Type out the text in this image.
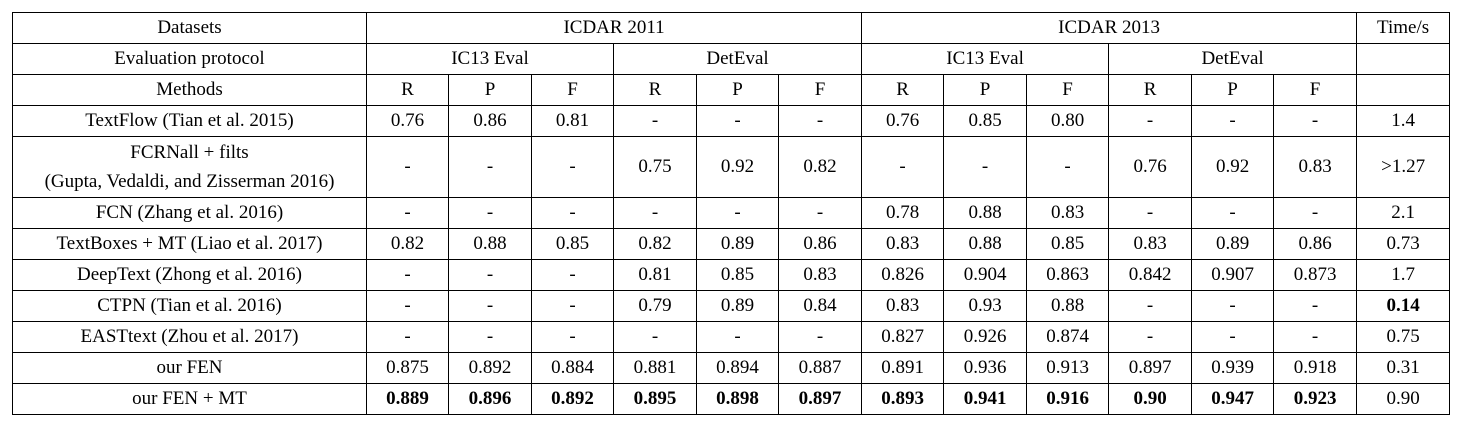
Datasets	ICDAR 2011						ICDAR 2013						Time/s
Evaluation protocol	IC13 Eval			DetEval			IC13 Eval			DetEval			
Methods	R	P	F	R	P	F	R	P	F	R	P	F	
TextFlow (Tian et al. 2015)	0.76	0.86	0.81	-	-	-	0.76	0.85	0.80	-	-	-	1.4
FCRNall + filts
(Gupta, Vedaldi, and Zisserman 2016)	-	-	-	0.75	0.92	0.82	-	-	-	0.76	0.92	0.83	>1.27
FCN (Zhang et al. 2016)	-	-	-	-	-	-	0.78	0.88	0.83	-	-	-	2.1
TextBoxes + MT (Liao et al. 2017)	0.82	0.88	0.85	0.82	0.89	0.86	0.83	0.88	0.85	0.83	0.89	0.86	0.73
DeepText (Zhong et al. 2016)	-	-	-	0.81	0.85	0.83	0.826	0.904	0.863	0.842	0.907	0.873	1.7
CTPN (Tian et al. 2016)	-	-	-	0.79	0.89	0.84	0.83	0.93	0.88	-	-	-	0.14
EASTtext (Zhou et al. 2017)	-	-	-	-	-	-	0.827	0.926	0.874	-	-	-	0.75
our FEN	0.875	0.892	0.884	0.881	0.894	0.887	0.891	0.936	0.913	0.897	0.939	0.918	0.31
our FEN + MT	0.889	0.896	0.892	0.895	0.898	0.897	0.893	0.941	0.916	0.90	0.947	0.923	0.90
